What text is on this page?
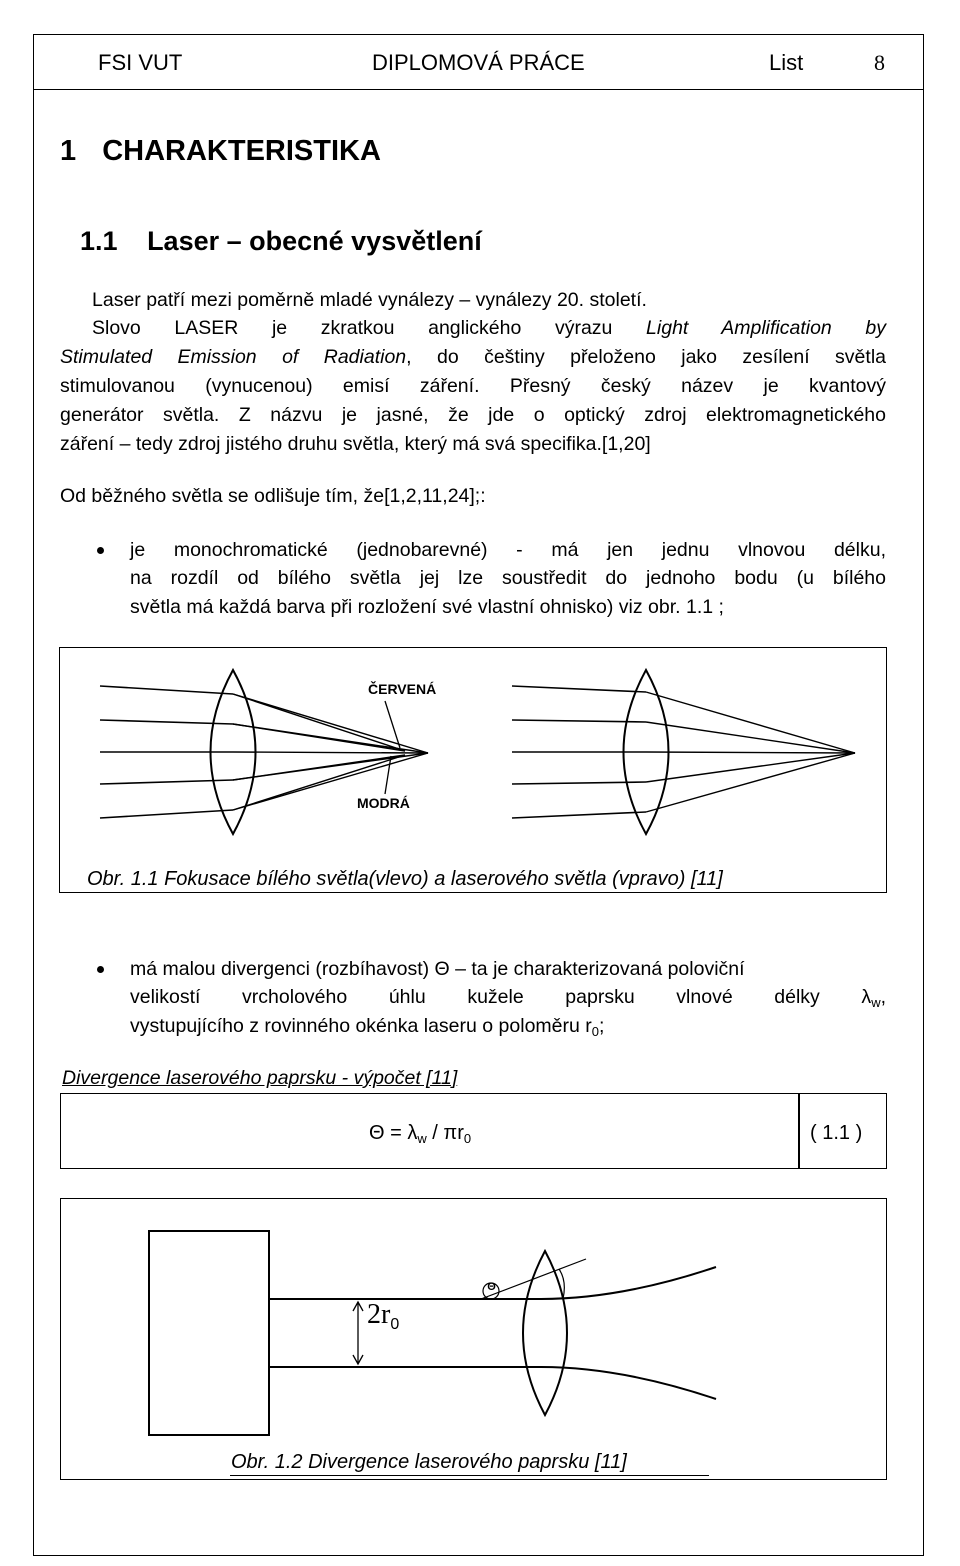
FSI VUT	DIPLOMOVÁ PRÁCE	List	8
1 CHARAKTERISTIKA
1.1 Laser – obecné vysvětlení
Laser patří mezi poměrně mladé vynálezy – vynálezy 20. století.
Slovo LASER je zkratkou anglického výrazu Light Amplification by
Stimulated Emission of Radiation, do češtiny přeloženo jako zesílení světla
stimulovanou (vynucenou) emisí záření. Přesný český název je kvantový
generátor světla. Z názvu je jasné, že jde o optický zdroj elektromagnetického
záření – tedy zdroj jistého druhu světla, který má svá specifika.[1,20]
Od běžného světla se odlišuje tím, že[1,2,11,24];:
je monochromatické (jednobarevné) - má jen jednu vlnovou délku,
na rozdíl od bílého světla jej lze soustředit do jednoho bodu (u bílého
světla má každá barva při rozložení své vlastní ohnisko) viz obr. 1.1 ;
ČERVENÁ
MODRÁ
Obr. 1.1 Fokusace bílého světla(vlevo) a laserového světla (vpravo) [11]
má malou divergenci (rozbíhavost) Θ – ta je charakterizovaná poloviční
velikostí vrcholového úhlu kužele paprsku vlnové délky $\lambda_w$,
vystupujícího z rovinného okénka laseru o poloměru $r_0$;
Divergence laserového paprsku - výpočet [11]
$\Theta = \lambda_w / \pi r_0$	( 1.1 )
$2r_0$
Θ
Obr. 1.2 Divergence laserového paprsku [11]
